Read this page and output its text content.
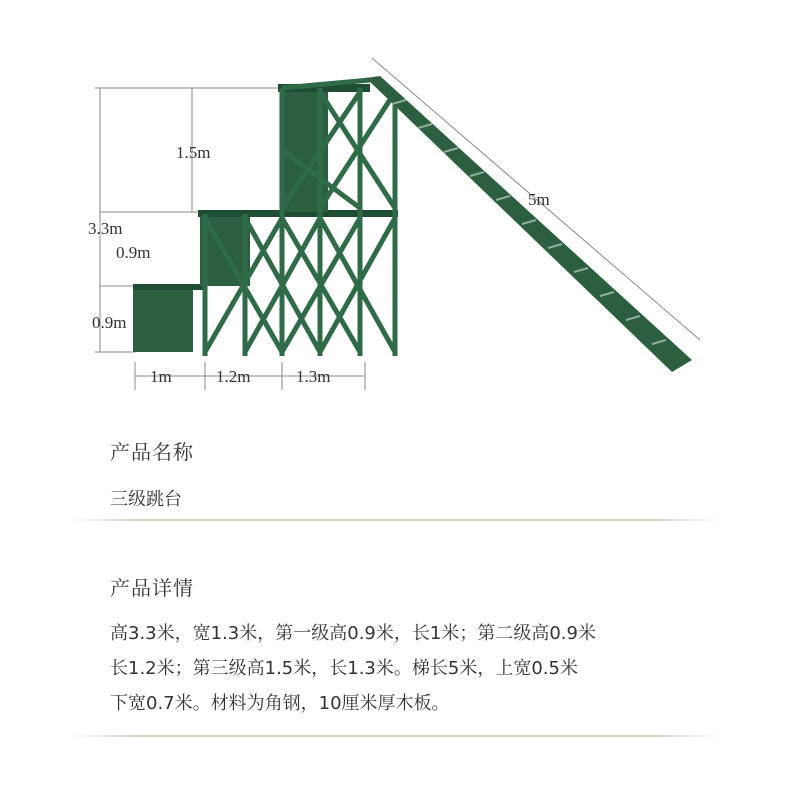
3.3m
1.5m
0.9m
0.9m
1m	1.2m	1.3m
5m
产品名称
三级跳台
产品详情
高3.3米，宽1.3米，第一级高0.9米，长1米；第二级高0.9米
长1.2米；第三级高1.5米，长1.3米。梯长5米，上宽0.5米
下宽0.7米。材料为角钢，10厘米厚木板。
